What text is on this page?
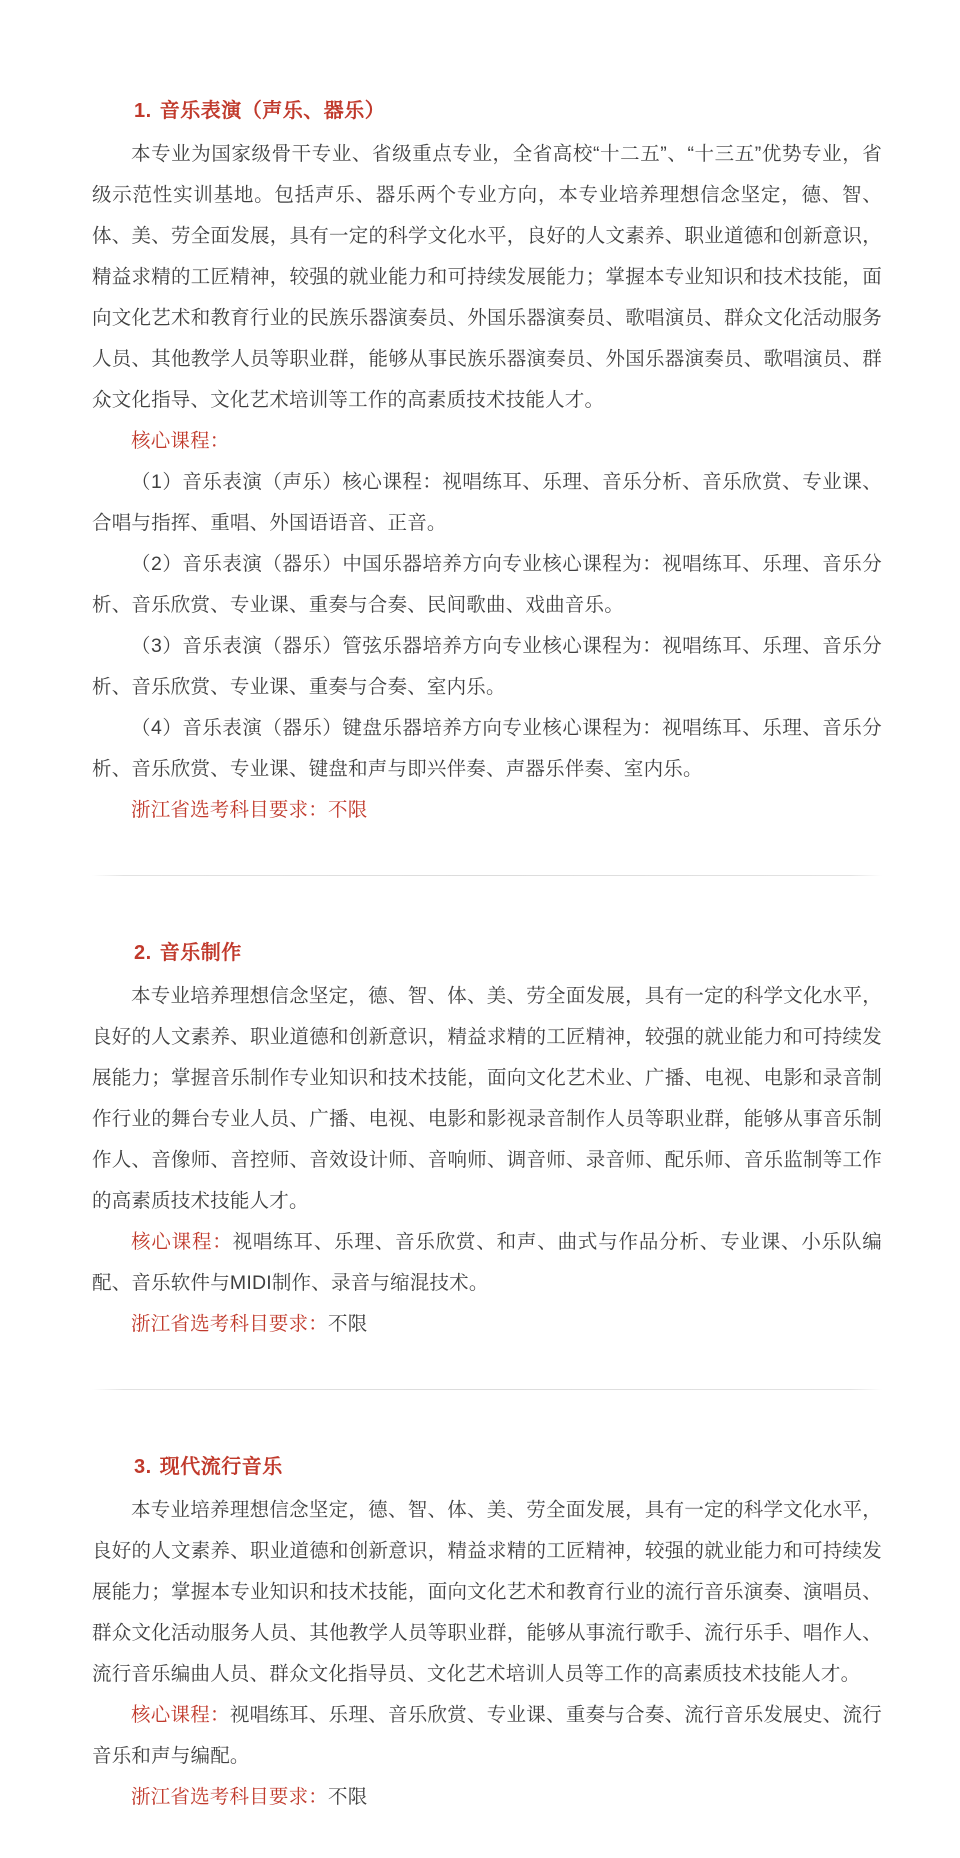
1. 音乐表演（声乐、器乐）

本专业为国家级骨干专业、省级重点专业，全省高校“十二五”、“十三五”优势专业，省级示范性实训基地。包括声乐、器乐两个专业方向，本专业培养理想信念坚定，德、智、体、美、劳全面发展，具有一定的科学文化水平，良好的人文素养、职业道德和创新意识，精益求精的工匠精神，较强的就业能力和可持续发展能力；掌握本专业知识和技术技能，面向文化艺术和教育行业的民族乐器演奏员、外国乐器演奏员、歌唱演员、群众文化活动服务人员、其他教学人员等职业群，能够从事民族乐器演奏员、外国乐器演奏员、歌唱演员、群众文化指导、文化艺术培训等工作的高素质技术技能人才。

核心课程：

（1）音乐表演（声乐）核心课程：视唱练耳、乐理、音乐分析、音乐欣赏、专业课、合唱与指挥、重唱、外国语语音、正音。

（2）音乐表演（器乐）中国乐器培养方向专业核心课程为：视唱练耳、乐理、音乐分析、音乐欣赏、专业课、重奏与合奏、民间歌曲、戏曲音乐。

（3）音乐表演（器乐）管弦乐器培养方向专业核心课程为：视唱练耳、乐理、音乐分析、音乐欣赏、专业课、重奏与合奏、室内乐。

（4）音乐表演（器乐）键盘乐器培养方向专业核心课程为：视唱练耳、乐理、音乐分析、音乐欣赏、专业课、键盘和声与即兴伴奏、声器乐伴奏、室内乐。

浙江省选考科目要求：不限

2. 音乐制作

本专业培养理想信念坚定，德、智、体、美、劳全面发展，具有一定的科学文化水平，良好的人文素养、职业道德和创新意识，精益求精的工匠精神，较强的就业能力和可持续发展能力；掌握音乐制作专业知识和技术技能，面向文化艺术业、广播、电视、电影和录音制作行业的舞台专业人员、广播、电视、电影和影视录音制作人员等职业群，能够从事音乐制作人、音像师、音控师、音效设计师、音响师、调音师、录音师、配乐师、音乐监制等工作的高素质技术技能人才。

核心课程：视唱练耳、乐理、音乐欣赏、和声、曲式与作品分析、专业课、小乐队编配、音乐软件与MIDI制作、录音与缩混技术。

浙江省选考科目要求：不限

3. 现代流行音乐

本专业培养理想信念坚定，德、智、体、美、劳全面发展，具有一定的科学文化水平，良好的人文素养、职业道德和创新意识，精益求精的工匠精神，较强的就业能力和可持续发展能力；掌握本专业知识和技术技能，面向文化艺术和教育行业的流行音乐演奏、演唱员、群众文化活动服务人员、其他教学人员等职业群，能够从事流行歌手、流行乐手、唱作人、流行音乐编曲人员、群众文化指导员、文化艺术培训人员等工作的高素质技术技能人才。

核心课程：视唱练耳、乐理、音乐欣赏、专业课、重奏与合奏、流行音乐发展史、流行音乐和声与编配。

浙江省选考科目要求：不限
